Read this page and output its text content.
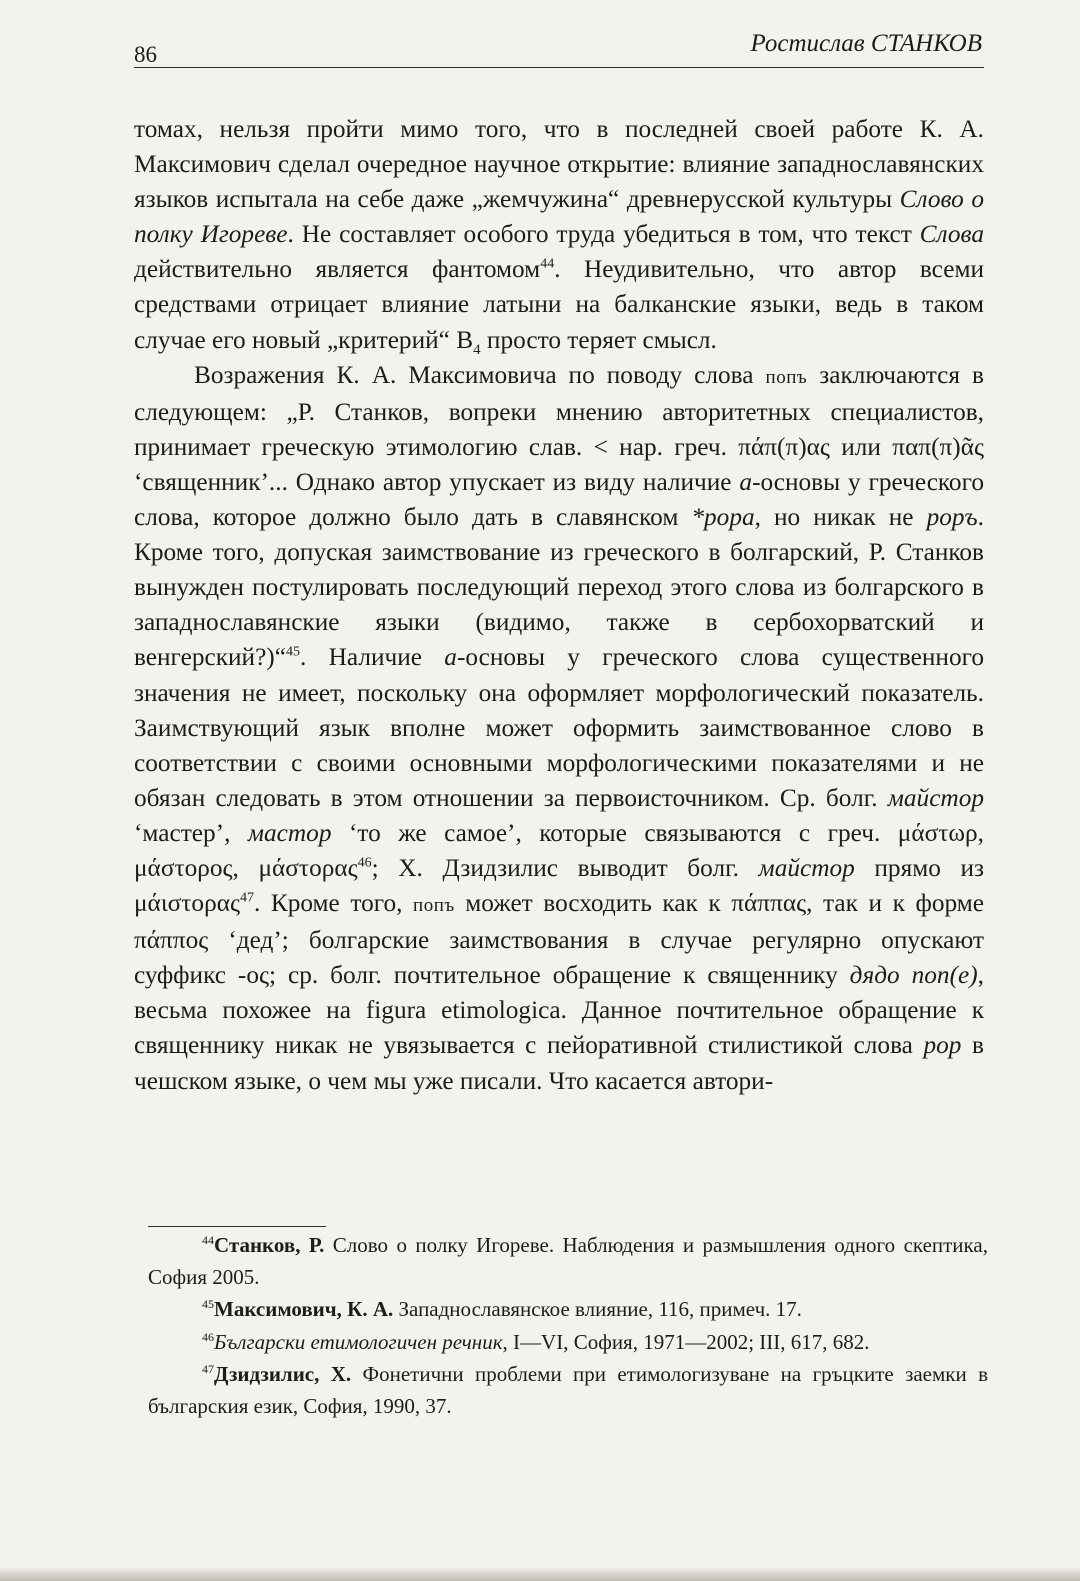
86	Ростислав СТАНКОВ

томах, нельзя пройти мимо того, что в последней своей работе К. А. Максимович сделал очередное научное открытие: влияние западнославянских языков испытала на себе даже „жемчужина“ древнерусской культуры Слово о полку Игореве. Не составляет особого труда убедиться в том, что текст Слова действительно является фантомом$^{44}$. Неудивительно, что автор всеми средствами отрицает влияние латыни на балканские языки, ведь в таком случае его новый „критерий“ $В_4$ просто теряет смысл.

Возражения К. А. Максимовича по поводу слова попъ заключаются в следующем: „Р. Станков, вопреки мнению авторитетных специалистов, принимает греческую этимологию слав. < нар. греч. πάπ(π)ας или παπ(π)ᾶς ‘священник’... Однако автор упускает из виду наличие а-основы у греческого слова, которое должно было дать в славянском *popa, но никак не popъ. Кроме того, допуская заимствование из греческого в болгарский, Р. Станков вынужден постулировать последующий переход этого слова из болгарского в западнославянские языки (видимо, также в сербохорватский и венгерский?)“$^{45}$. Наличие а-основы у греческого слова существенного значения не имеет, поскольку она оформляет морфологический показатель. Заимствующий язык вполне может оформить заимствованное слово в соответствии с своими основными морфологическими показателями и не обязан следовать в этом отношении за первоисточником. Ср. болг. майстор ‘мастер’, мастор ‘то же самое’, которые связываются с греч. μάστωρ, μάστορος, μάστορας$^{46}$; Х. Дзидзилис выводит болг. майстор прямо из μάιστορας$^{47}$. Кроме того, попъ может восходить как к πάππας, так и к форме πάππος ‘дед’; болгарские заимствования в случае регулярно опускают суффикс -ος; ср. болг. почтительное обращение к священнику дядо поп(е), весьма похожее на figura etimologica. Данное почтительное обращение к священнику никак не увязывается с пейоративной стилистикой слова pop в чешском языке, о чем мы уже писали. Что касается автори-

$^{44}$Станков, Р. Слово о полку Игореве. Наблюдения и размышления одного скептика, София 2005.

$^{45}$Максимович, К. А. Западнославянское влияние, 116, примеч. 17.

$^{46}$Български етимологичен речник, I—VI, София, 1971—2002; III, 617, 682.

$^{47}$Дзидзилис, Х. Фонетични проблеми при етимологизуване на гръцките заемки в българския език, София, 1990, 37.
